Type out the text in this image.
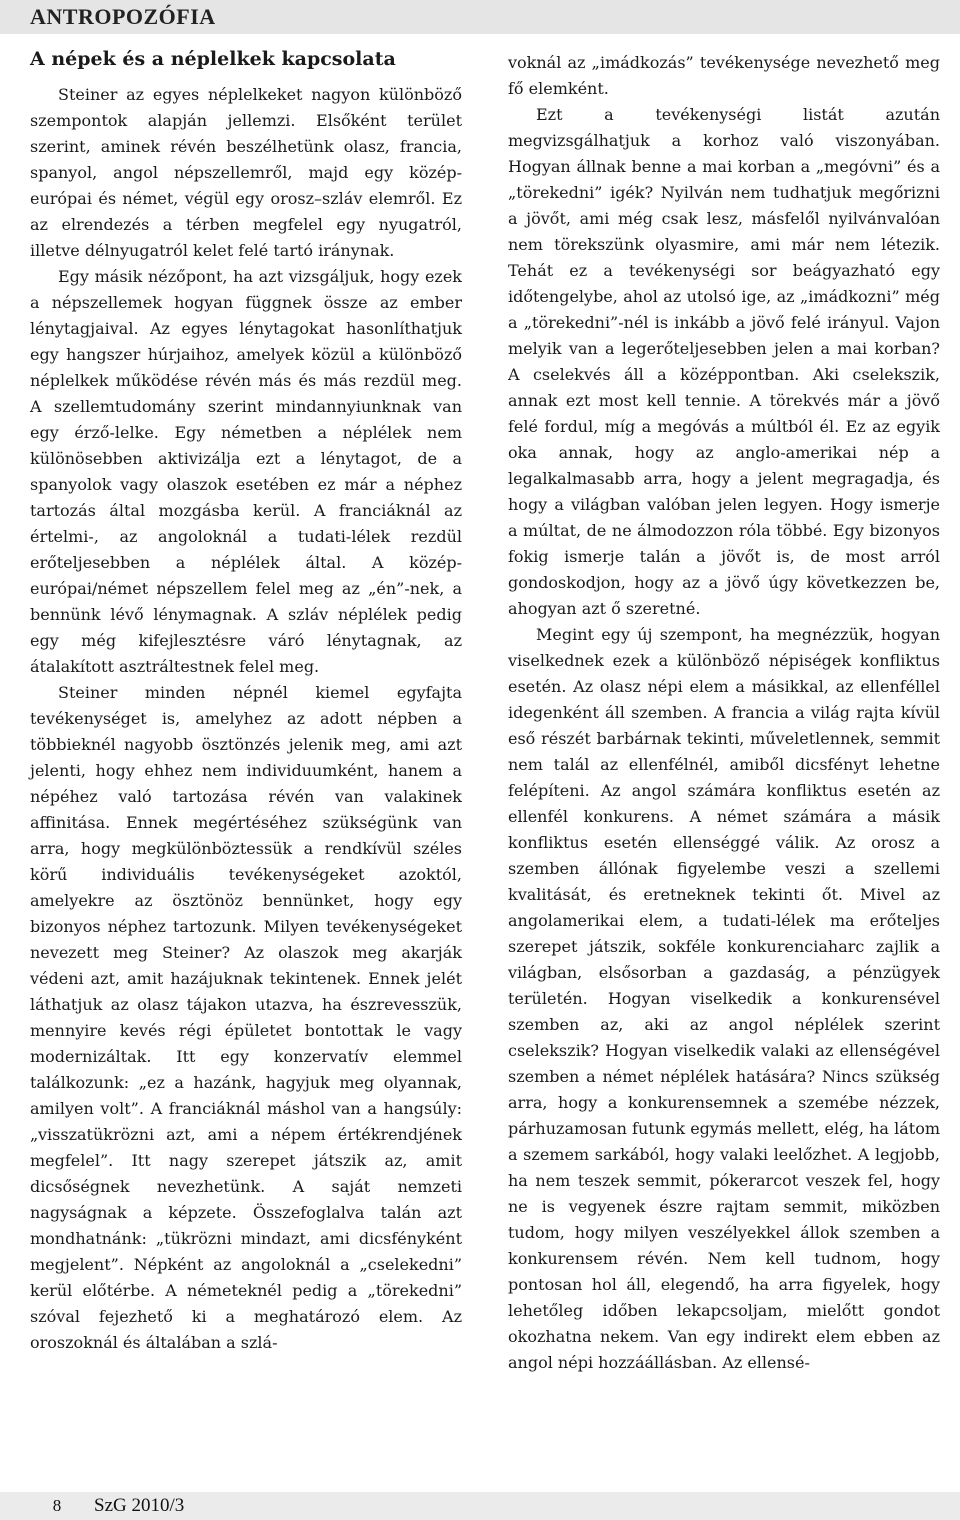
ANTROPOZÓFIA
A népek és a néplelkek kapcsolata

Steiner az egyes néplelkeket nagyon különböző szempontok alapján jellemzi. Elsőként terület szerint, aminek révén beszélhetünk olasz, francia, spanyol, angol népszellemről, majd egy közép-európai és német, végül egy orosz–szláv elemről. Ez az elrendezés a térben megfelel egy nyugatról, illetve délnyugatról kelet felé tartó iránynak.

Egy másik nézőpont, ha azt vizsgáljuk, hogy ezek a népszellemek hogyan függnek össze az ember lénytagjaival. Az egyes lénytagokat hasonlíthatjuk egy hangszer húrjaihoz, amelyek közül a különböző néplelkek működése révén más és más rezdül meg. A szellemtudomány szerint mindannyiunknak van egy érző-lelke. Egy németben a néplélek nem különösebben aktivizálja ezt a lénytagot, de a spanyolok vagy olaszok esetében ez már a néphez tartozás által mozgásba kerül. A franciáknál az értelmi-, az angoloknál a tudati-lélek rezdül erőteljesebben a néplélek által. A közép-európai/német népszellem felel meg az „én”-nek, a bennünk lévő lénymagnak. A szláv néplélek pedig egy még kifejlesztésre váró lénytagnak, az átalakított asztráltestnek felel meg.

Steiner minden népnél kiemel egyfajta tevékenységet is, amelyhez az adott népben a többieknél nagyobb ösztönzés jelenik meg, ami azt jelenti, hogy ehhez nem individuumként, hanem a népéhez való tartozása révén van valakinek affinitása. Ennek megértéséhez szükségünk van arra, hogy megkülönböztessük a rendkívül széles körű individuális tevékenységeket azoktól, amelyekre az ösztönöz bennünket, hogy egy bizonyos néphez tartozunk. Milyen tevékenységeket nevezett meg Steiner? Az olaszok meg akarják védeni azt, amit hazájuknak tekintenek. Ennek jelét láthatjuk az olasz tájakon utazva, ha észrevesszük, mennyire kevés régi épületet bontottak le vagy modernizáltak. Itt egy konzervatív elemmel találkozunk: „ez a hazánk, hagyjuk meg olyannak, amilyen volt”. A franciáknál máshol van a hangsúly: „visszatükrözni azt, ami a népem értékrendjének megfelel”. Itt nagy szerepet játszik az, amit dicsőségnek nevezhetünk. A saját nemzeti nagyságnak a képzete. Összefoglalva talán azt mondhatnánk: „tükrözni mindazt, ami dicsfényként megjelent”. Népként az angoloknál a „cselekedni” kerül előtérbe. A németeknél pedig a „törekedni” szóval fejezhető ki a meghatározó elem. Az oroszoknál és általában a szlá-

voknál az „imádkozás” tevékenysége nevezhető meg fő elemként.

Ezt a tevékenységi listát azután megvizsgálhatjuk a korhoz való viszonyában. Hogyan állnak benne a mai korban a „megóvni” és a „törekedni” igék? Nyilván nem tudhatjuk megőrizni a jövőt, ami még csak lesz, másfelől nyilvánvalóan nem törekszünk olyasmire, ami már nem létezik. Tehát ez a tevékenységi sor beágyazható egy időtengelybe, ahol az utolsó ige, az „imádkozni” még a „törekedni”-nél is inkább a jövő felé irányul. Vajon melyik van a legerőteljesebben jelen a mai korban? A cselekvés áll a középpontban. Aki cselekszik, annak ezt most kell tennie. A törekvés már a jövő felé fordul, míg a megóvás a múltból él. Ez az egyik oka annak, hogy az anglo-amerikai nép a legalkalmasabb arra, hogy a jelent megragadja, és hogy a világban valóban jelen legyen. Hogy ismerje a múltat, de ne álmodozzon róla többé. Egy bizonyos fokig ismerje talán a jövőt is, de most arról gondoskodjon, hogy az a jövő úgy következzen be, ahogyan azt ő szeretné.

Megint egy új szempont, ha megnézzük, hogyan viselkednek ezek a különböző népiségek konfliktus esetén. Az olasz népi elem a másikkal, az ellenféllel idegenként áll szemben. A francia a világ rajta kívül eső részét barbárnak tekinti, műveletlennek, semmit nem talál az ellenfélnél, amiből dicsfényt lehetne felépíteni. Az angol számára konfliktus esetén az ellenfél konkurens. A német számára a másik konfliktus esetén ellenséggé válik. Az orosz a szemben állónak figyelembe veszi a szellemi kvalitását, és eretneknek tekinti őt. Mivel az angolamerikai elem, a tudati-lélek ma erőteljes szerepet játszik, sokféle konkurenciaharc zajlik a világban, elsősorban a gazdaság, a pénzügyek területén. Hogyan viselkedik a konkurensével szemben az, aki az angol néplélek szerint cselekszik? Hogyan viselkedik valaki az ellenségével szemben a német néplélek hatására? Nincs szükség arra, hogy a konkurensemnek a szemébe nézzek, párhuzamosan futunk egymás mellett, elég, ha látom a szemem sarkából, hogy valaki leelőzhet. A legjobb, ha nem teszek semmit, pókerarcot veszek fel, hogy ne is vegyenek észre rajtam semmit, miközben tudom, hogy milyen veszélyekkel állok szemben a konkurensem révén. Nem kell tudnom, hogy pontosan hol áll, elegendő, ha arra figyelek, hogy lehetőleg időben lekapcsoljam, mielőtt gondot okozhatna nekem. Van egy indirekt elem ebben az angol népi hozzáállásban. Az ellensé-

8	SzG 2010/3
